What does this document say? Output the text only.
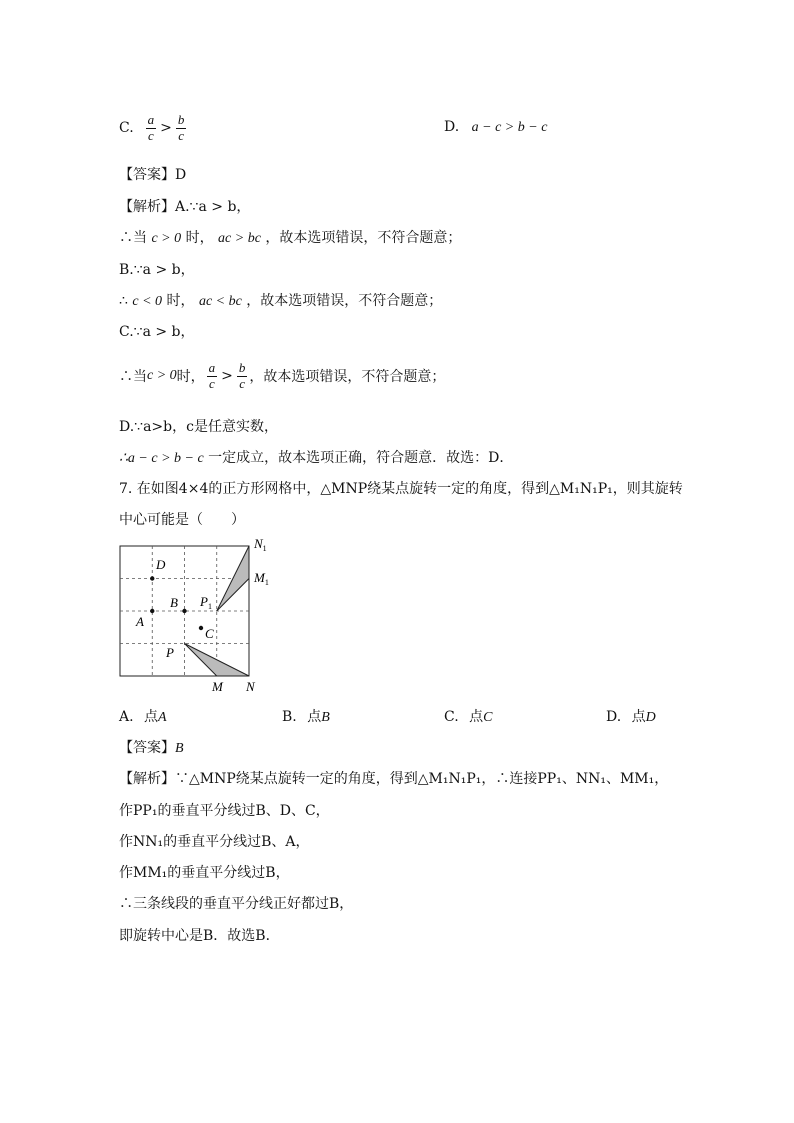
C. $\frac{a}{c} > \frac{b}{c}$	D. a − c > b − c
【答案】D
【解析】A.∵a > b，
∴当 c > 0 时， ac > bc ，故本选项错误，不符合题意；
B.∵a > b，
∴ c < 0 时， ac < bc ，故本选项错误，不符合题意；
C.∵a > b，
∴当 c > 0 时， $\frac{a}{c} > \frac{b}{c}$ ，故本选项错误，不符合题意；
D.∵a>b，c是任意实数，
∴a − c > b − c 一定成立，故本选项正确，符合题意．故选：D．
7. 在如图4×4的正方形网格中，△MNP绕某点旋转一定的角度，得到△M₁N₁P₁，则其旋转
中心可能是（　　）
D
B
A
C
P
$P_1$
$N_1$
$M_1$
M N
A. 点A	B. 点B	C. 点C	D. 点D
【答案】B
【解析】∵△MNP绕某点旋转一定的角度，得到△M₁N₁P₁，∴连接PP₁、NN₁、MM₁，
作PP₁的垂直平分线过B、D、C，
作NN₁的垂直平分线过B、A，
作MM₁的垂直平分线过B，
∴三条线段的垂直平分线正好都过B，
即旋转中心是B．故选B．
